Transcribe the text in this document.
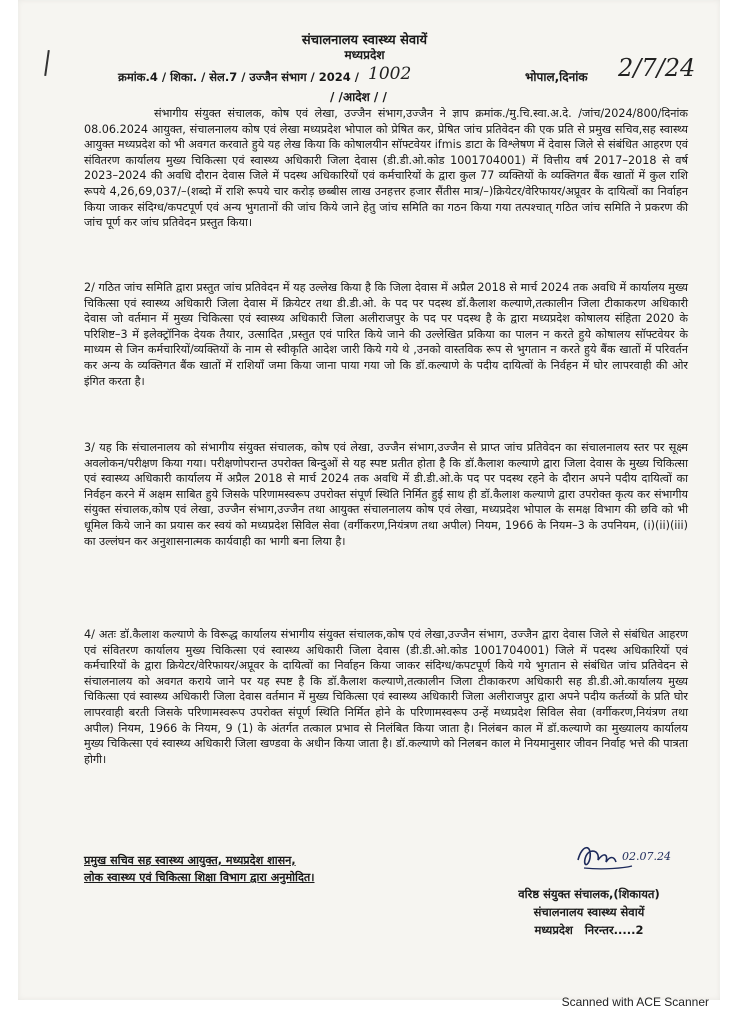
संचालनालय स्वास्थ्य सेवायें
मध्यप्रदेश
क्रमांक.4 / शिका. / सेल.7 / उज्जैन संभाग / 2024 / 1002	भोपाल,दिनांक 2/7/24
/ /आदेश / /
संभागीय संयुक्त संचालक, कोष एवं लेखा, उज्जैन संभाग,उज्जैन ने ज्ञाप क्रमांक./मु.चि.स्वा.अ.दे. /जांच/2024/800/दिनांक 08.06.2024 आयुक्त, संचालनालय कोष एवं लेखा मध्यप्रदेश भोपाल को प्रेषित कर, प्रेषित जांच प्रतिवेदन की एक प्रति से प्रमुख सचिव,सह स्वास्थ्य आयुक्त मध्यप्रदेश को भी अवगत करवाते हुये यह लेख किया कि कोषालयीन सॉफ्टवेयर ifmis डाटा के विश्लेषण में देवास जिले से संबंधित आहरण एवं संवितरण कार्यालय मुख्य चिकित्सा एवं स्वास्थ्य अधिकारी जिला देवास (डी.डी.ओ.कोड 1001704001) में वित्तीय वर्ष 2017–2018 से वर्ष 2023–2024 की अवधि दौरान देवास जिले में पदस्थ अधिकारियों एवं कर्मचारियों के द्वारा कुल 77 व्यक्तियों के व्यक्तिगत बैंक खातों में कुल राशि रूपये 4,26,69,037/–(शब्दो में राशि रूपये चार करोड़ छब्बीस लाख उनहत्तर हजार सैंतीस मात्र/–)क्रियेटर/वेरिफायर/अप्रूवर के दायित्वों का निर्वाहन किया जाकर संदिग्ध/कपटपूर्ण एवं अन्य भुगतानों की जांच किये जाने हेतु जांच समिति का गठन किया गया तत्पश्चात् गठित जांच समिति ने प्रकरण की जांच पूर्ण कर जांच प्रतिवेदन प्रस्तुत किया।
2/ गठित जांच समिति द्वारा प्रस्तुत जांच प्रतिवेदन में यह उल्लेख किया है कि जिला देवास में अप्रैल 2018 से मार्च 2024 तक अवधि में कार्यालय मुख्य चिकित्सा एवं स्वास्थ्य अधिकारी जिला देवास में क्रियेटर तथा डी.डी.ओ. के पद पर पदस्थ डॉ.कैलाश कल्याणे,तत्कालीन जिला टीकाकरण अधिकारी देवास जो वर्तमान में मुख्य चिकित्सा एवं स्वास्थ्य अधिकारी जिला अलीराजपुर के पद पर पदस्थ है के द्वारा मध्यप्रदेश कोषालय संहिता 2020 के परिशिष्ट–3 में इलेक्ट्रॉनिक देयक तैयार, उत्सादित ,प्रस्तुत एवं पारित किये जाने की उल्लेखित प्रकिया का पालन न करते हुये कोषालय सॉफ्टवेयर के माध्यम से जिन कर्मचारियों/व्यक्तियों के नाम से स्वीकृति आदेश जारी किये गये थे ,उनको वास्तविक रूप से भुगतान न करते हुये बैंक खातों में परिवर्तन कर अन्य के व्यक्तिगत बैंक खातों में राशियॉं जमा किया जाना पाया गया जो कि डॉ.कल्याणे के पदीय दायित्वों के निर्वहन में घोर लापरवाही की ओर इंगित करता है।
3/ यह कि संचालनालय को संभागीय संयुक्त संचालक, कोष एवं लेखा, उज्जैन संभाग,उज्जैन से प्राप्त जांच प्रतिवेदन का संचालनालय स्तर पर सूक्ष्म अवलोकन/परीक्षण किया गया। परीक्षणोपरान्त उपरोक्त बिन्दुओं से यह स्पष्ट प्रतीत होता है कि डॉ.कैलाश कल्याणे द्वारा जिला देवास के मुख्य चिकित्सा एवं स्वास्थ्य अधिकारी कार्यालय में अप्रैल 2018 से मार्च 2024 तक अवधि में डी.डी.ओ.के पद पर पदस्थ रहने के दौरान अपने पदीय दायित्वों का निर्वहन करने में अक्षम साबित हुये जिसके परिणामस्वरूप उपरोक्त संपूर्ण स्थिति निर्मित हुई साथ ही डॉ.कैलाश कल्याणे द्वारा उपरोक्त कृत्य कर संभागीय संयुक्त संचालक,कोष एवं लेखा, उज्जैन संभाग,उज्जैन तथा आयुक्त संचालनालय कोष एवं लेखा, मध्यप्रदेश भोपाल के समक्ष विभाग की छवि को भी धूमिल किये जाने का प्रयास कर स्वयं को मध्यप्रदेश सिविल सेवा (वर्गीकरण,नियंत्रण तथा अपील) नियम, 1966 के नियम–3 के उपनियम, (i)(ii)(iii) का उल्लंघन कर अनुशासनात्मक कार्यवाही का भागी बना लिया है।
4/ अतः डॉ.कैलाश कल्याणे के विरूद्ध कार्यालय संभागीय संयुक्त संचालक,कोष एवं लेखा,उज्जैन संभाग, उज्जैन द्वारा देवास जिले से संबंधित आहरण एवं संवितरण कार्यालय मुख्य चिकित्सा एवं स्वास्थ्य अधिकारी जिला देवास (डी.डी.ओ.कोड 1001704001) जिले में पदस्थ अधिकारियों एवं कर्मचारियों के द्वारा क्रियेटर/वेरिफायर/अप्रूवर के दायित्वों का निर्वाहन किया जाकर संदिग्ध/कपटपूर्ण किये गये भुगतान से संबंधित जांच प्रतिवेदन से संचालनालय को अवगत कराये जाने पर यह स्पष्ट है कि डॉ.कैलाश कल्याणे,तत्कालीन जिला टीकाकरण अधिकारी सह डी.डी.ओ.कार्यालय मुख्य चिकित्सा एवं स्वास्थ्य अधिकारी जिला देवास वर्तमान में मुख्य चिकित्सा एवं स्वास्थ्य अधिकारी जिला अलीराजपुर द्वारा अपने पदीय कर्तव्यों के प्रति घोर लापरवाही बरती जिसके परिणामस्वरूप उपरोक्त संपूर्ण स्थिति निर्मित होने के परिणामस्वरूप उन्हें मध्यप्रदेश सिविल सेवा (वर्गीकरण,नियंत्रण तथा अपील) नियम, 1966 के नियम, 9 (1) के अंतर्गत तत्काल प्रभाव से निलंबित किया जाता है। निलंबन काल में डॉ.कल्याणे का मुख्यालय कार्यालय मुख्य चिकित्सा एवं स्वास्थ्य अधिकारी जिला खण्डवा के अधीन किया जाता है। डॉ.कल्याणे को निलबन काल मे नियमानुसार जीवन निर्वाह भत्ते की पात्रता होगी।
प्रमुख सचिव सह स्वास्थ्य आयुक्त, मध्यप्रदेश शासन,
लोक स्वास्थ्य एवं चिकित्सा शिक्षा विभाग द्वारा अनुमोदित।
02.07.24
वरिष्ठ संयुक्त संचालक,(शिकायत)
संचालनालय स्वास्थ्य सेवायें
मध्यप्रदेश   निरन्तर.....2
Scanned with ACE Scanner
